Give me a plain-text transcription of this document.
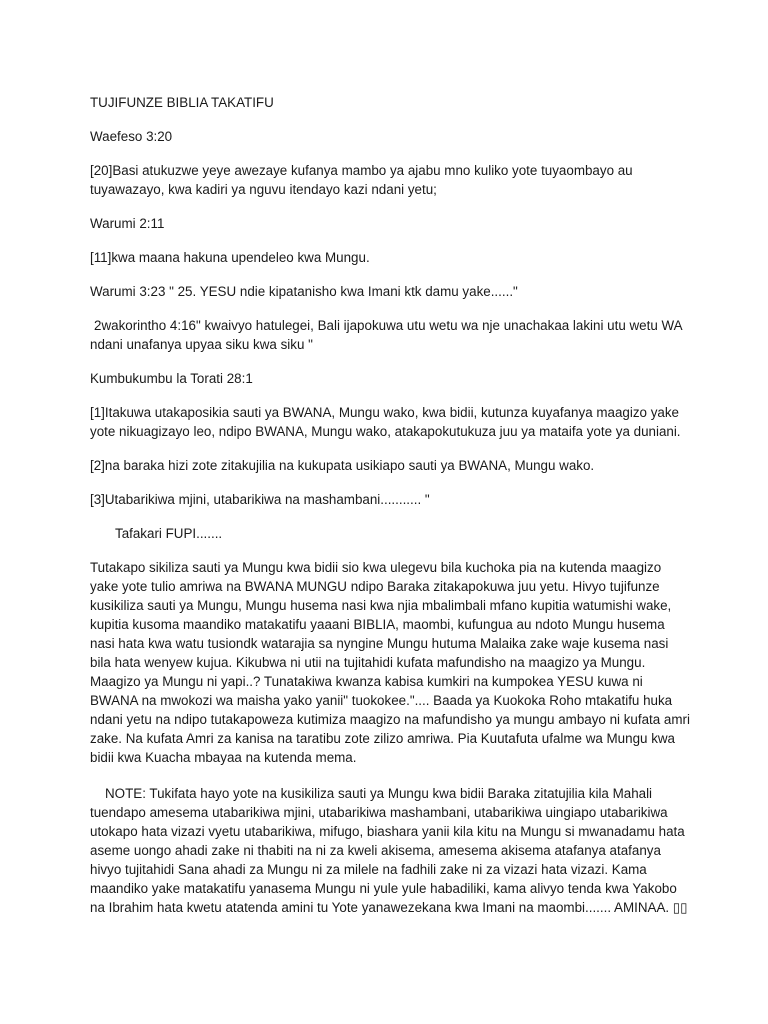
TUJIFUNZE BIBLIA TAKATIFU

Waefeso 3:20

[20]Basi atukuzwe yeye awezaye kufanya mambo ya ajabu mno kuliko yote tuyaombayo au tuyawazayo, kwa kadiri ya nguvu itendayo kazi ndani yetu;

Warumi 2:11

[11]kwa maana hakuna upendeleo kwa Mungu.

Warumi 3:23 " 25. YESU ndie kipatanisho kwa Imani ktk damu yake......"

2wakorintho 4:16" kwaivyo hatulegei, Bali ijapokuwa utu wetu wa nje unachakaa lakini utu wetu WA ndani unafanya upyaa siku kwa siku "

Kumbukumbu la Torati 28:1

[1]Itakuwa utakaposikia sauti ya BWANA, Mungu wako, kwa bidii, kutunza kuyafanya maagizo yake yote nikuagizayo leo, ndipo BWANA, Mungu wako, atakapokutukuza juu ya mataifa yote ya duniani.

[2]na baraka hizi zote zitakujilia na kukupata usikiapo sauti ya BWANA, Mungu wako.

[3]Utabarikiwa mjini, utabarikiwa na mashambani........... "

Tafakari FUPI.......

Tutakapo sikiliza sauti ya Mungu kwa bidii sio kwa ulegevu bila kuchoka pia na kutenda maagizo yake yote tulio amriwa na BWANA MUNGU ndipo Baraka zitakapokuwa juu yetu. Hivyo tujifunze kusikiliza sauti ya Mungu, Mungu husema nasi kwa njia mbalimbali mfano kupitia watumishi wake, kupitia kusoma maandiko matakatifu yaaani BIBLIA, maombi, kufungua au ndoto Mungu husema nasi hata kwa watu tusiondk watarajia sa nyngine Mungu hutuma Malaika zake waje kusema nasi bila hata wenyew kujua. Kikubwa ni utii na tujitahidi kufata mafundisho na maagizo ya Mungu. Maagizo ya Mungu ni yapi..? Tunatakiwa kwanza kabisa kumkiri na kumpokea YESU kuwa ni BWANA na mwokozi wa maisha yako yanii" tuokokee.".... Baada ya Kuokoka Roho mtakatifu huka ndani yetu na ndipo tutakapoweza kutimiza maagizo na mafundisho ya mungu ambayo ni kufata amri zake. Na kufata Amri za kanisa na taratibu zote zilizo amriwa. Pia Kuutafuta ufalme wa Mungu kwa bidii kwa Kuacha mbayaa na kutenda mema.

NOTE: Tukifata hayo yote na kusikiliza sauti ya Mungu kwa bidii Baraka zitatujilia kila Mahali tuendapo amesema utabarikiwa mjini, utabarikiwa mashambani, utabarikiwa uingiapo utabarikiwa utokapo hata vizazi vyetu utabarikiwa, mifugo, biashara yanii kila kitu na Mungu si mwanadamu hata aseme uongo ahadi zake ni thabiti na ni za kweli akisema, amesema akisema atafanya atafanya hivyo tujitahidi Sana ahadi za Mungu ni za milele na fadhili zake ni za vizazi hata vizazi. Kama maandiko yake matakatifu yanasema Mungu ni yule yule habadiliki, kama alivyo tenda kwa Yakobo na Ibrahim hata kwetu atatenda amini tu Yote yanawezekana kwa Imani na maombi....... AMINAA. ▯▯
